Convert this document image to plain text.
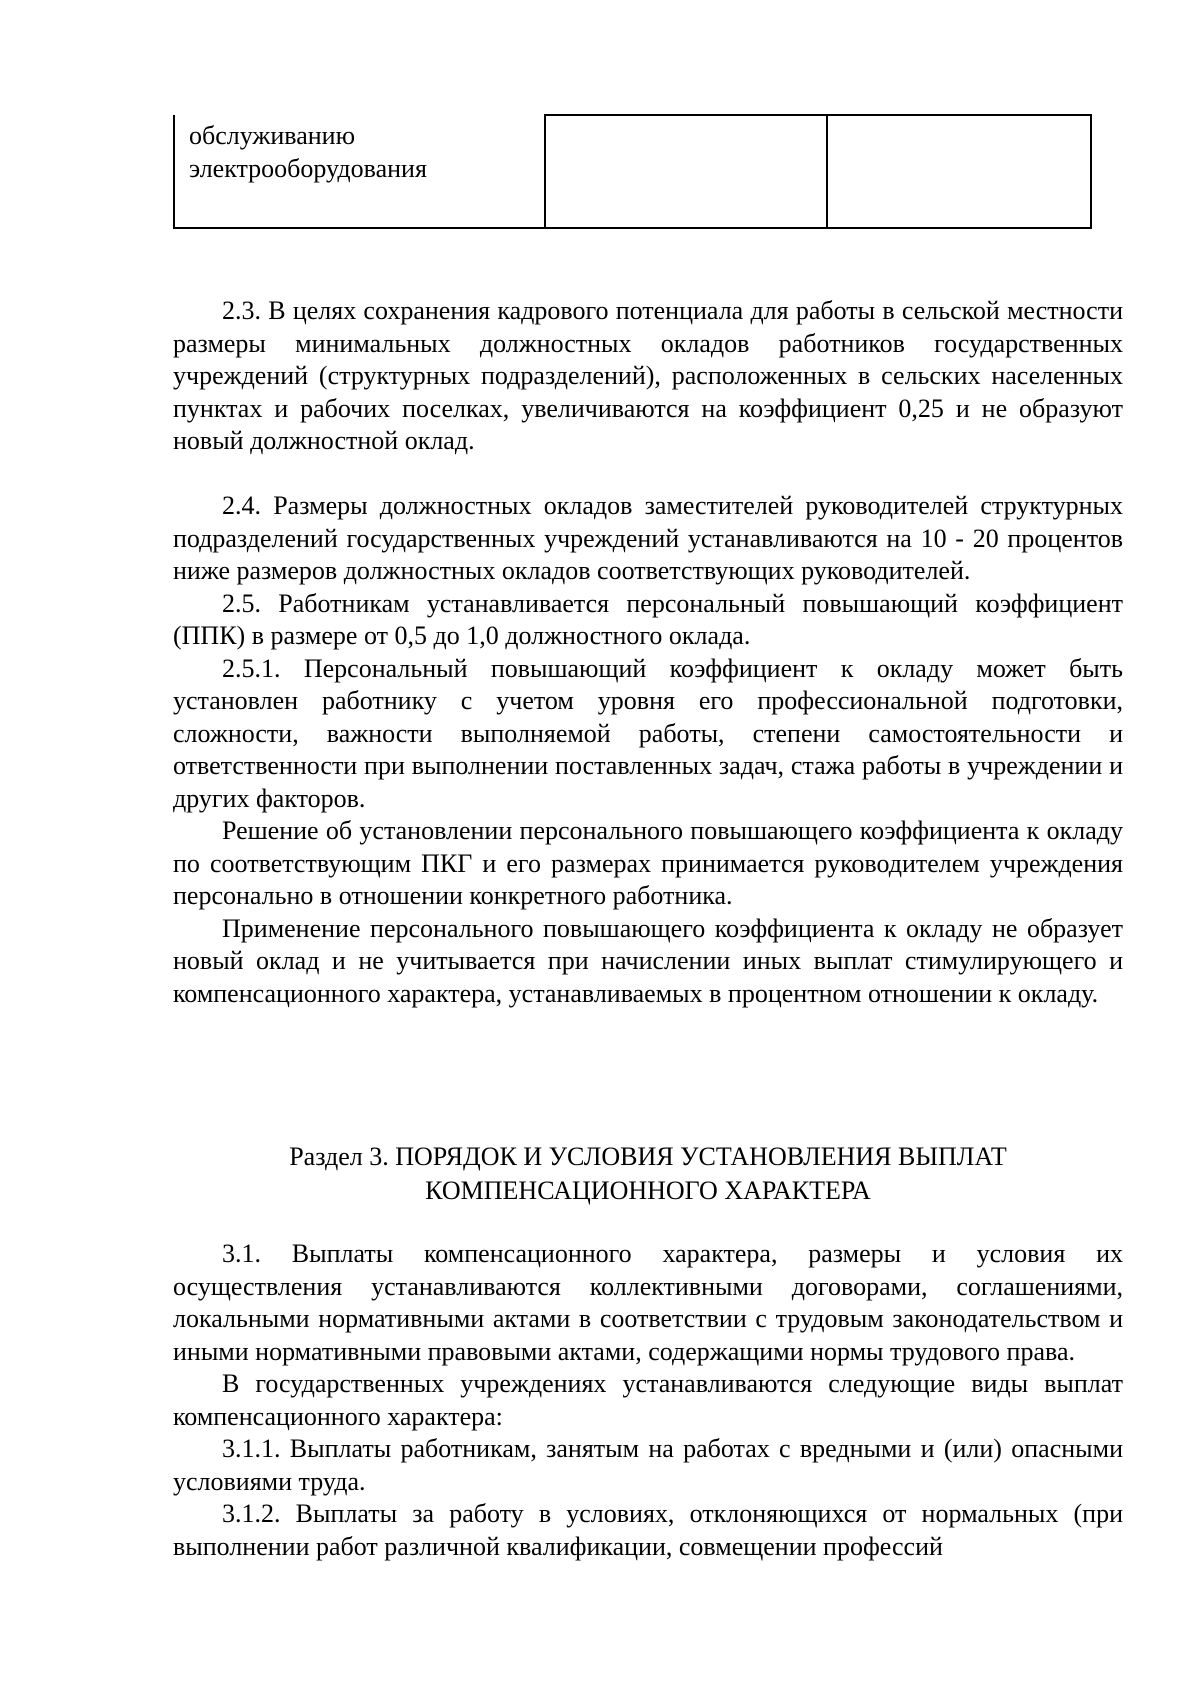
обслуживанию
электрооборудования

2.3. В целях сохранения кадрового потенциала для работы в сельской местности размеры минимальных должностных окладов работников государственных учреждений (структурных подразделений), расположенных в сельских населенных пунктах и рабочих поселках, увеличиваются на коэффициент 0,25 и не образуют новый должностной оклад.

2.4. Размеры должностных окладов заместителей руководителей структурных подразделений государственных учреждений устанавливаются на 10 - 20 процентов ниже размеров должностных окладов соответствующих руководителей.

2.5. Работникам устанавливается персональный повышающий коэффициент (ППК) в размере от 0,5 до 1,0 должностного оклада.

2.5.1. Персональный повышающий коэффициент к окладу может быть установлен работнику с учетом уровня его профессиональной подготовки, сложности, важности выполняемой работы, степени самостоятельности и ответственности при выполнении поставленных задач, стажа работы в учреждении и других факторов.

Решение об установлении персонального повышающего коэффициента к окладу по соответствующим ПКГ и его размерах принимается руководителем учреждения персонально в отношении конкретного работника.

Применение персонального повышающего коэффициента к окладу не образует новый оклад и не учитывается при начислении иных выплат стимулирующего и компенсационного характера, устанавливаемых в процентном отношении к окладу.

Раздел 3. ПОРЯДОК И УСЛОВИЯ УСТАНОВЛЕНИЯ ВЫПЛАТ
КОМПЕНСАЦИОННОГО ХАРАКТЕРА

3.1. Выплаты компенсационного характера, размеры и условия их осуществления устанавливаются коллективными договорами, соглашениями, локальными нормативными актами в соответствии с трудовым законодательством и иными нормативными правовыми актами, содержащими нормы трудового права.

В государственных учреждениях устанавливаются следующие виды выплат компенсационного характера:

3.1.1. Выплаты работникам, занятым на работах с вредными и (или) опасными условиями труда.

3.1.2. Выплаты за работу в условиях, отклоняющихся от нормальных (при выполнении работ различной квалификации, совмещении профессий
